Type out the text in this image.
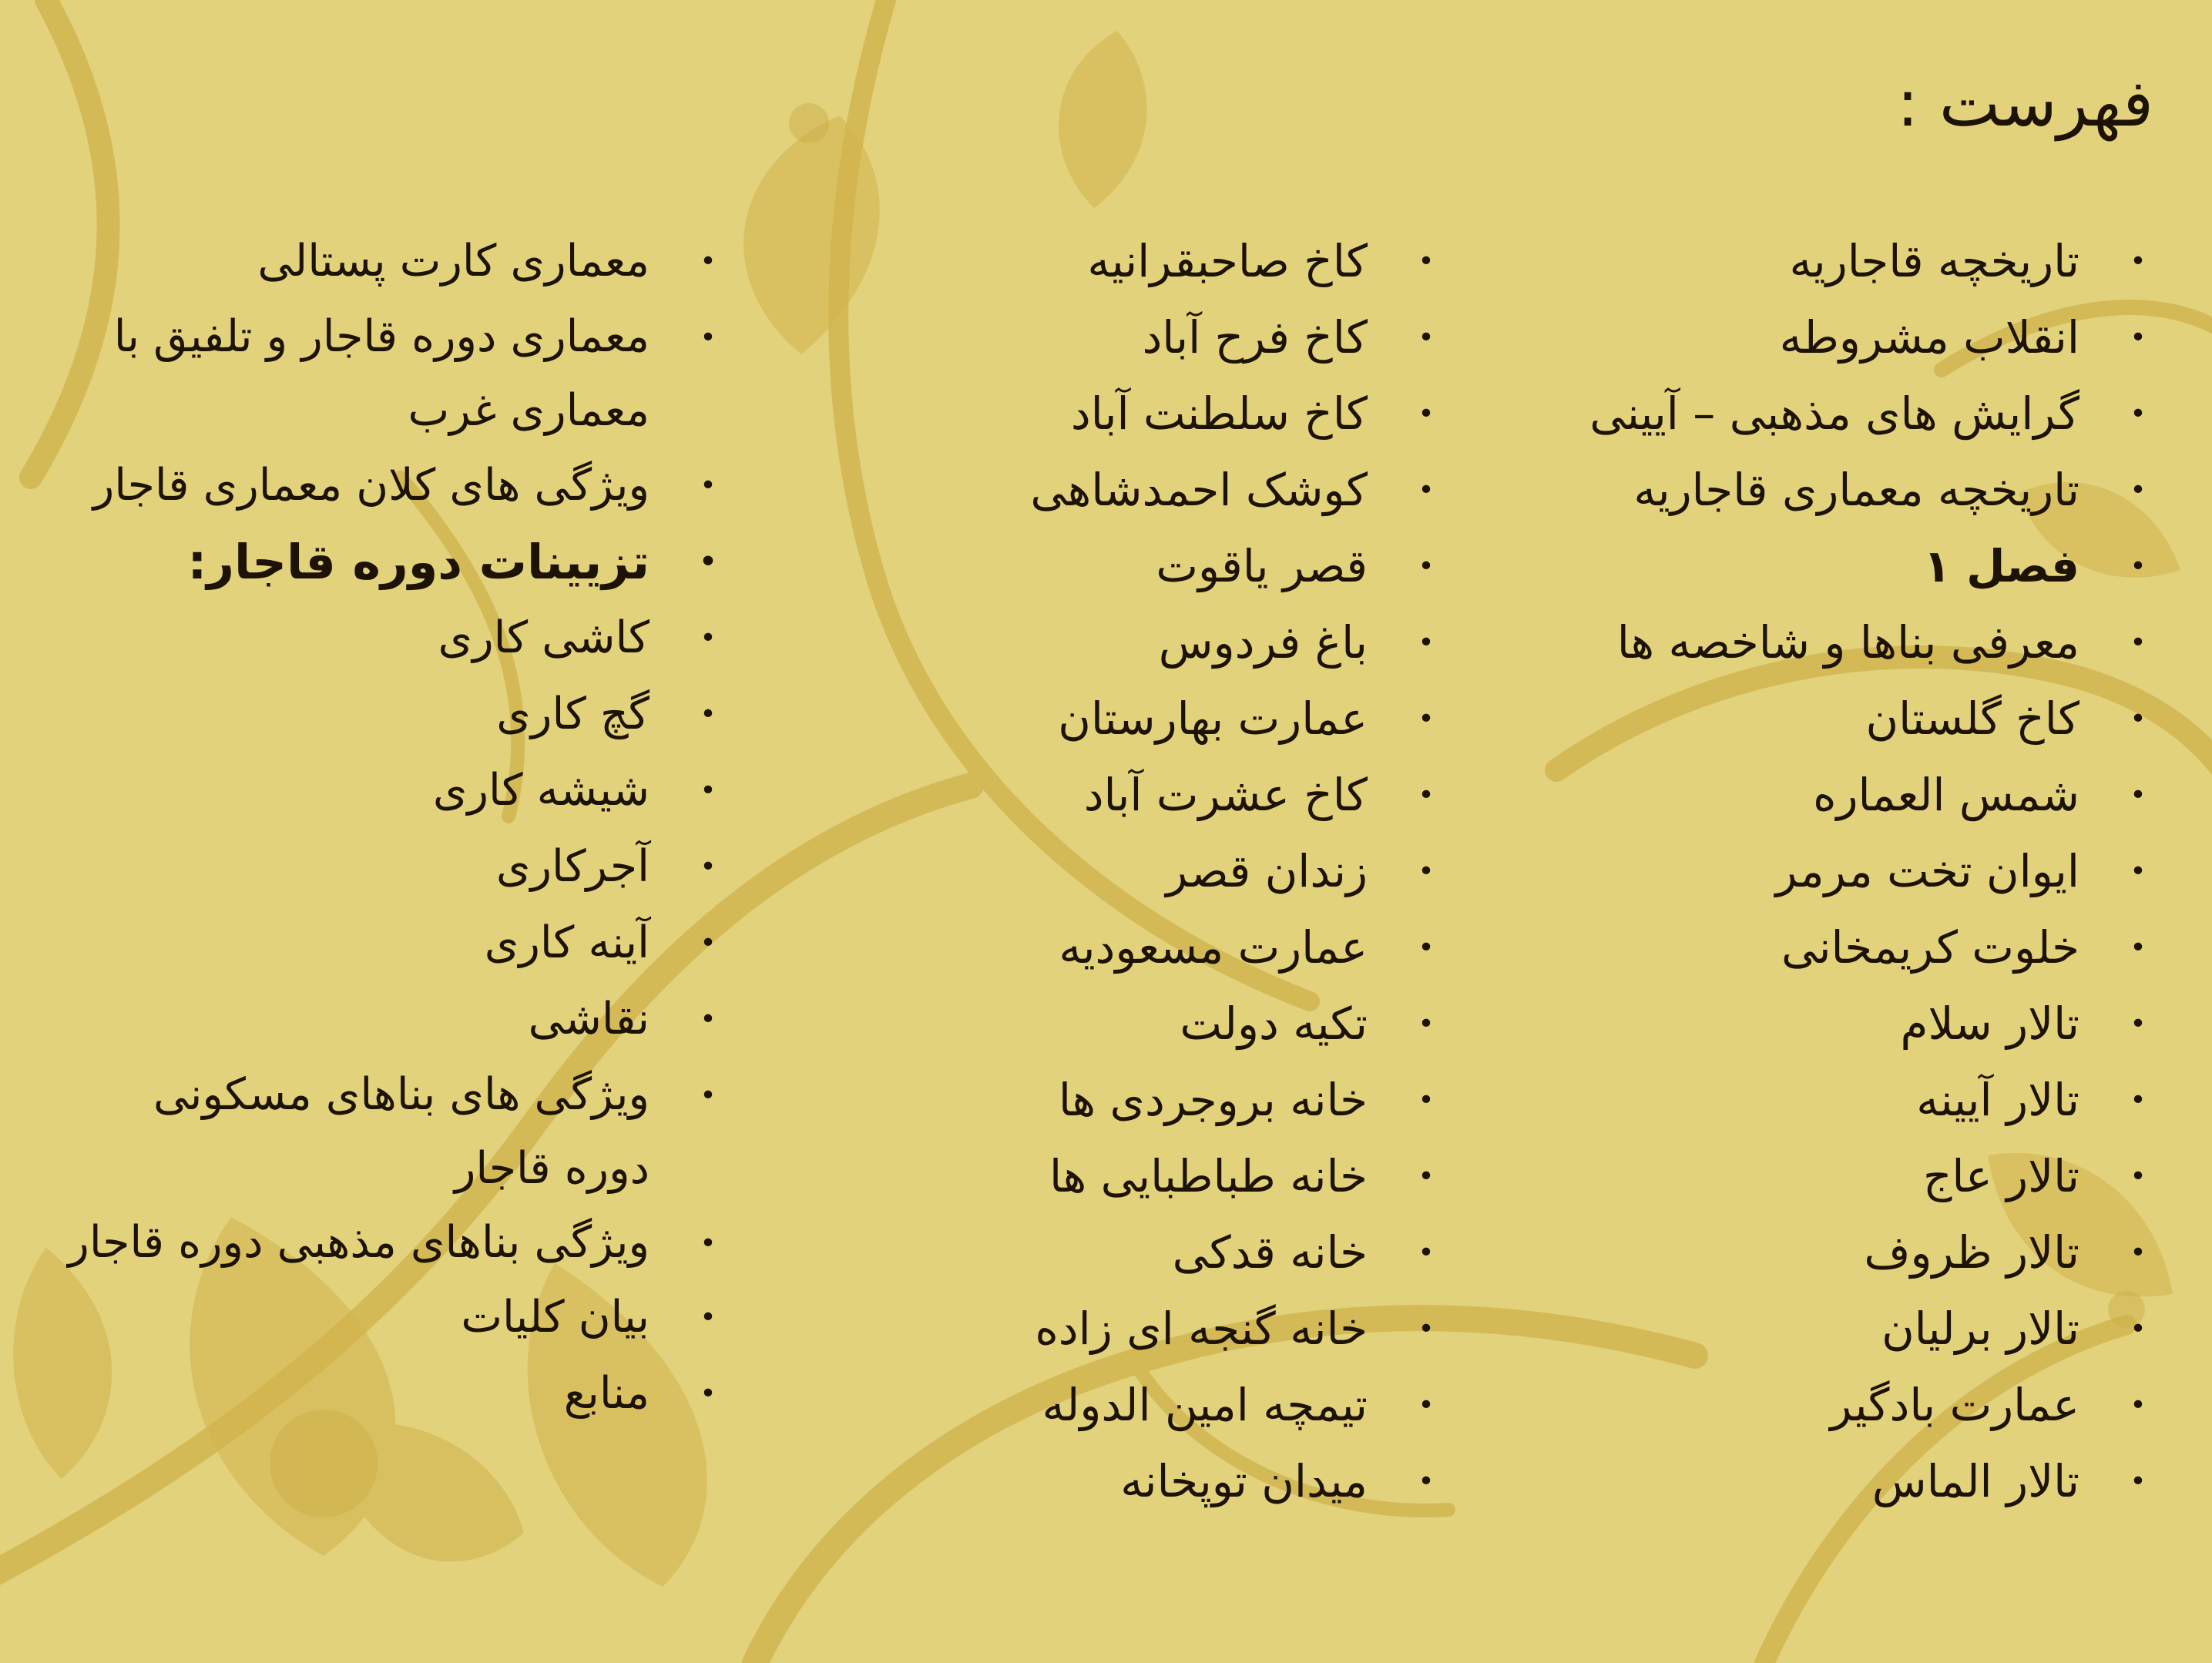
فهرست :
•
تاریخچه قاجاریه
•
انقلاب مشروطه
•
گرایش های مذهبی – آیینی
•
تاریخچه معماری قاجاریه
•
فصل ۱
•
معرفی بناها و شاخصه ها
•
کاخ گلستان
•
شمس العماره
•
ایوان تخت مرمر
•
خلوت کریمخانی
•
تالار سلام
•
تالار آیینه
•
تالار عاج
•
تالار ظروف
•
تالار برلیان
•
عمارت بادگیر
•
تالار الماس
•
کاخ صاحبقرانیه
•
کاخ فرح آباد
•
کاخ سلطنت آباد
•
کوشک احمدشاهی
•
قصر یاقوت
•
باغ فردوس
•
عمارت بهارستان
•
کاخ عشرت آباد
•
زندان قصر
•
عمارت مسعودیه
•
تکیه دولت
•
خانه بروجردی ها
•
خانه طباطبایی ها
•
خانه قدکی
•
خانه گنجه ای زاده
•
تیمچه امین الدوله
•
میدان توپخانه
•
معماری کارت پستالی
•
معماری دوره قاجار و تلفیق با معماری غرب
•
ویژگی های کلان معماری قاجار
•
تزیینات دوره قاجار:
•
کاشی کاری
•
گچ کاری
•
شیشه کاری
•
آجرکاری
•
آینه کاری
•
نقاشی
•
ویژگی های بناهای مسکونی دوره قاجار
•
ویژگی بناهای مذهبی دوره قاجار
•
بیان کلیات
•
منابع
